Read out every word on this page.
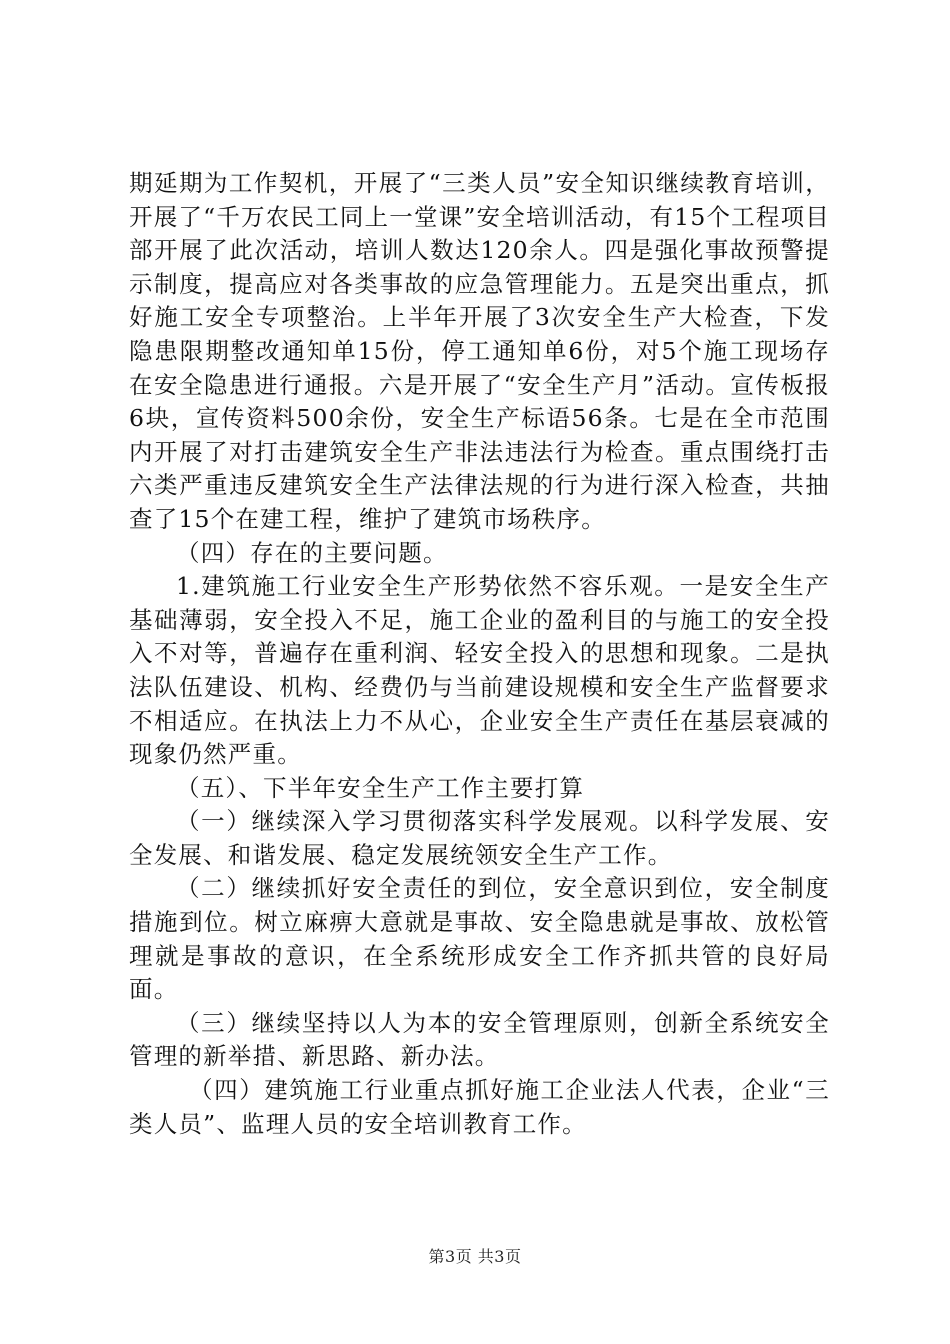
期延期为工作契机，开展了“三类人员”安全知识继续教育培训，开展了“千万农民工同上一堂课”安全培训活动，有15个工程项目部开展了此次活动，培训人数达120余人。四是强化事故预警提示制度，提高应对各类事故的应急管理能力。五是突出重点，抓好施工安全专项整治。上半年开展了3次安全生产大检查，下发隐患限期整改通知单15份，停工通知单6份，对5个施工现场存在安全隐患进行通报。六是开展了“安全生产月”活动。宣传板报6块，宣传资料500余份，安全生产标语56条。七是在全市范围内开展了对打击建筑安全生产非法违法行为检查。重点围绕打击六类严重违反建筑安全生产法律法规的行为进行深入检查，共抽查了15个在建工程，维护了建筑市场秩序。

（四）存在的主要问题。

1.建筑施工行业安全生产形势依然不容乐观。一是安全生产基础薄弱，安全投入不足，施工企业的盈利目的与施工的安全投入不对等，普遍存在重利润、轻安全投入的思想和现象。二是执法队伍建设、机构、经费仍与当前建设规模和安全生产监督要求不相适应。在执法上力不从心，企业安全生产责任在基层衰减的现象仍然严重。

（五）、下半年安全生产工作主要打算

（一）继续深入学习贯彻落实科学发展观。以科学发展、安全发展、和谐发展、稳定发展统领安全生产工作。

（二）继续抓好安全责任的到位，安全意识到位，安全制度措施到位。树立麻痹大意就是事故、安全隐患就是事故、放松管理就是事故的意识，在全系统形成安全工作齐抓共管的良好局面。

（三）继续坚持以人为本的安全管理原则，创新全系统安全管理的新举措、新思路、新办法。

（四）建筑施工行业重点抓好施工企业法人代表，企业“三类人员”、监理人员的安全培训教育工作。

第3页 共3页
